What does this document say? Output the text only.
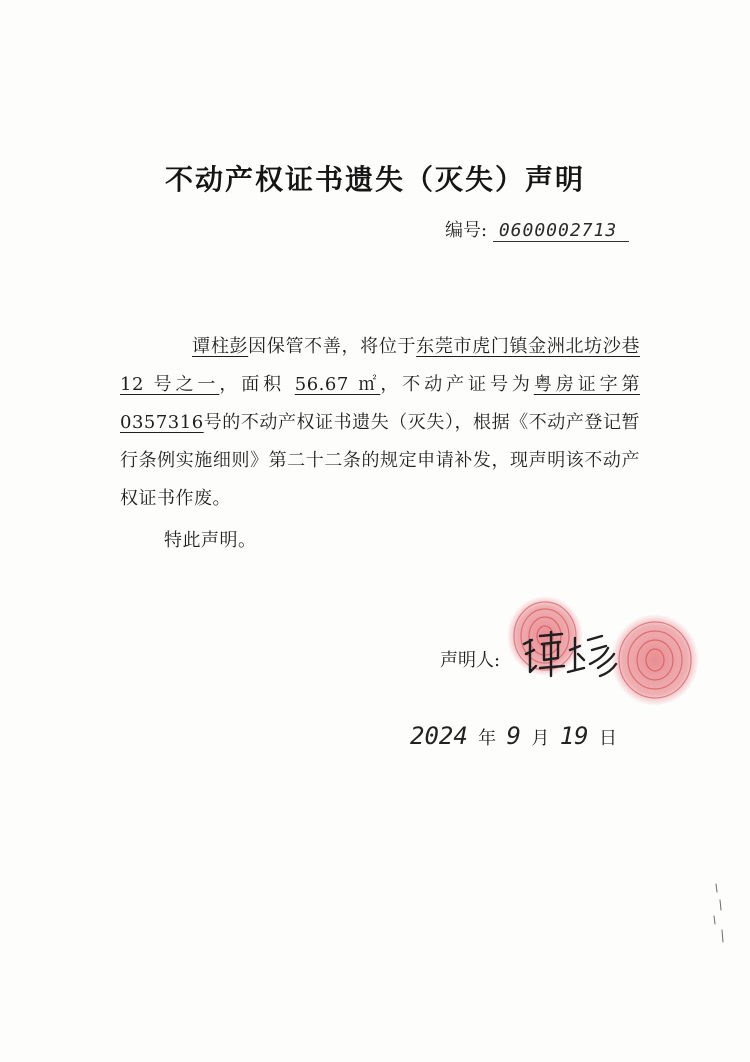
不动产权证书遗失（灭失）声明
编号: 0600002713

谭柱彭因保管不善，将位于东莞市虎门镇金洲北坊沙巷 12 号之一，面积 56.67 ㎡，不动产证号为粤房证字第0357316号的不动产权证书遗失（灭失），根据《不动产登记暂行条例实施细则》第二十二条的规定申请补发，现声明该不动产权证书作废。

特此声明。
声明人:
2024 年 9 月 19 日
